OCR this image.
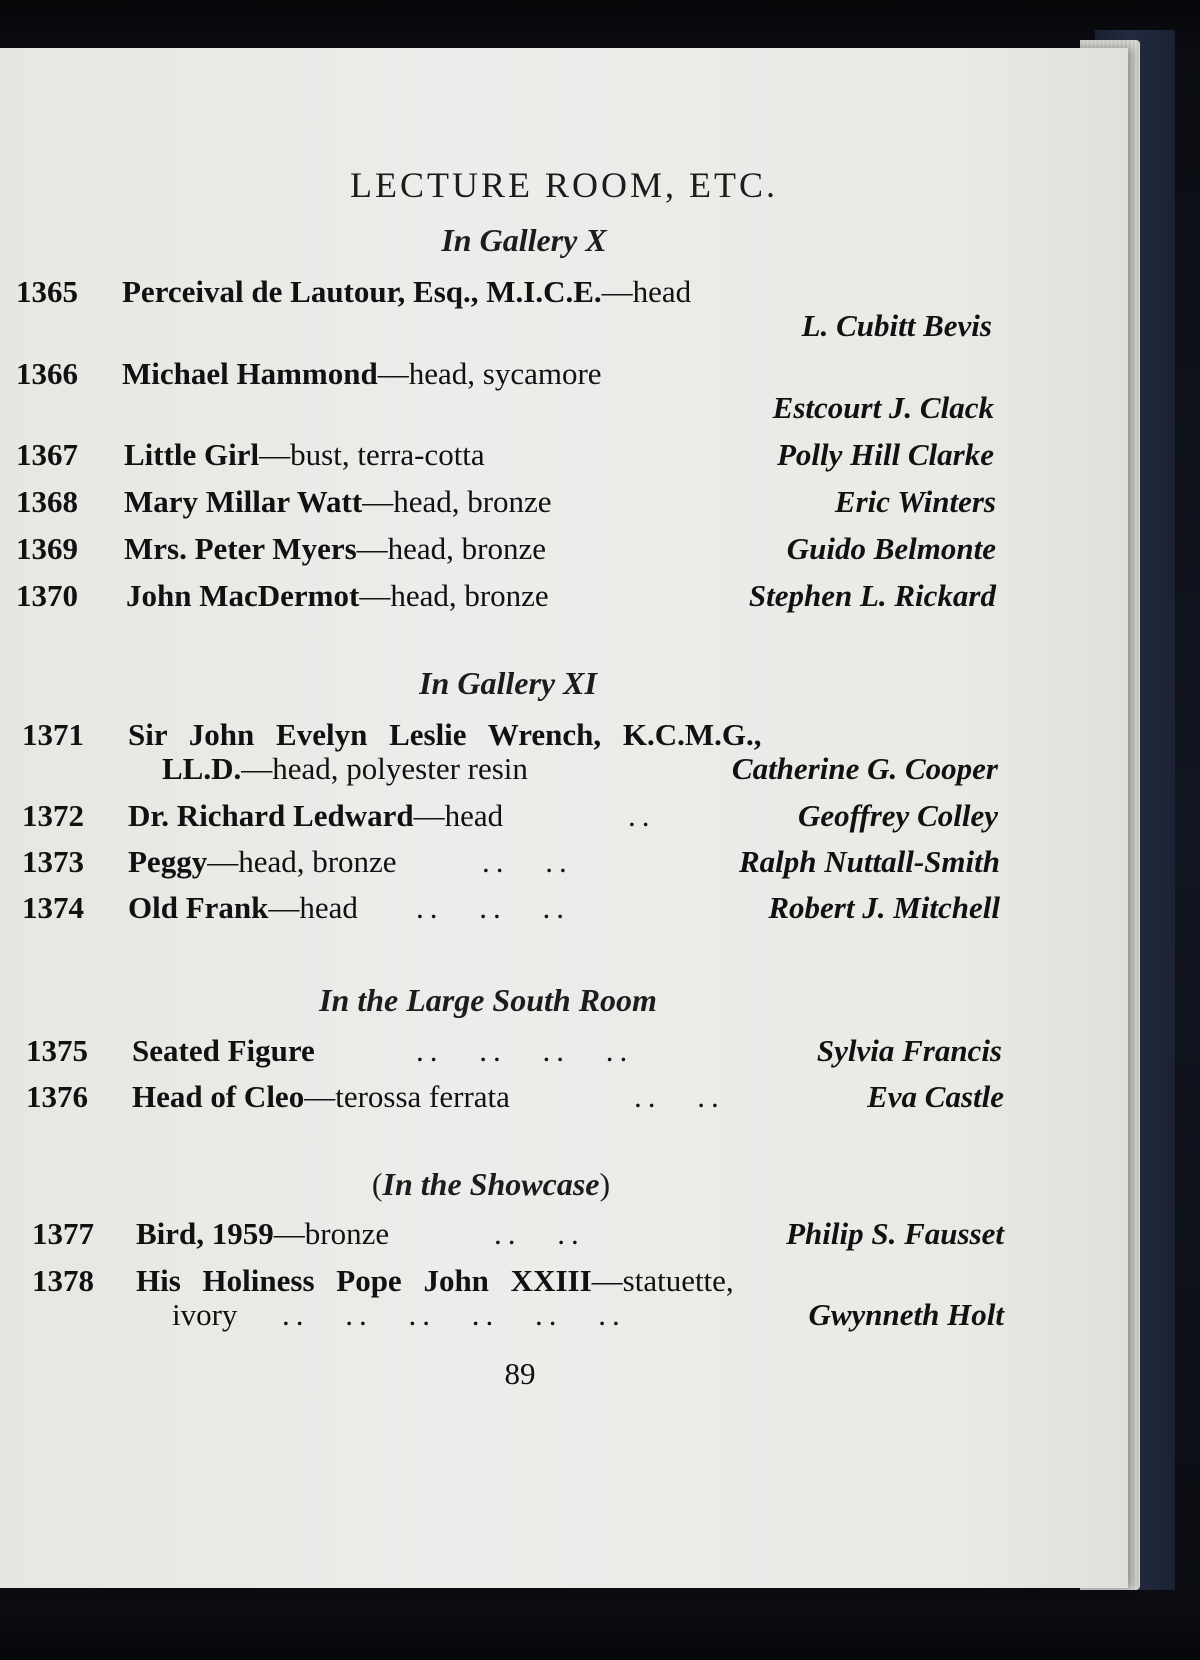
LECTURE ROOM, ETC.
In Gallery X
1365 Perceival de Lautour, Esq., M.I.C.E.—head
L. Cubitt Bevis
1366 Michael Hammond—head, sycamore
Estcourt J. Clack
1367 Little Girl—bust, terra-cotta	Polly Hill Clarke
1368 Mary Millar Watt—head, bronze	Eric Winters
1369 Mrs. Peter Myers—head, bronze	Guido Belmonte
1370 John MacDermot—head, bronze	Stephen L. Rickard
In Gallery XI
1371 Sir John Evelyn Leslie Wrench, K.C.M.G.,
LL.D.—head, polyester resin	Catherine G. Cooper
1372 Dr. Richard Ledward—head	..	Geoffrey Colley
1373 Peggy—head, bronze	.. ..	Ralph Nuttall-Smith
1374 Old Frank—head .. .. ..	Robert J. Mitchell
In the Large South Room
1375 Seated Figure	.. .. .. ..	Sylvia Francis
1376 Head of Cleo—terossa ferrata	.. ..	Eva Castle
(In the Showcase)
1377 Bird, 1959—bronze	.. ..	Philip S. Fausset
1378 His Holiness Pope John XXIII—statuette,
ivory .. .. .. .. .. ..	Gwynneth Holt
89
